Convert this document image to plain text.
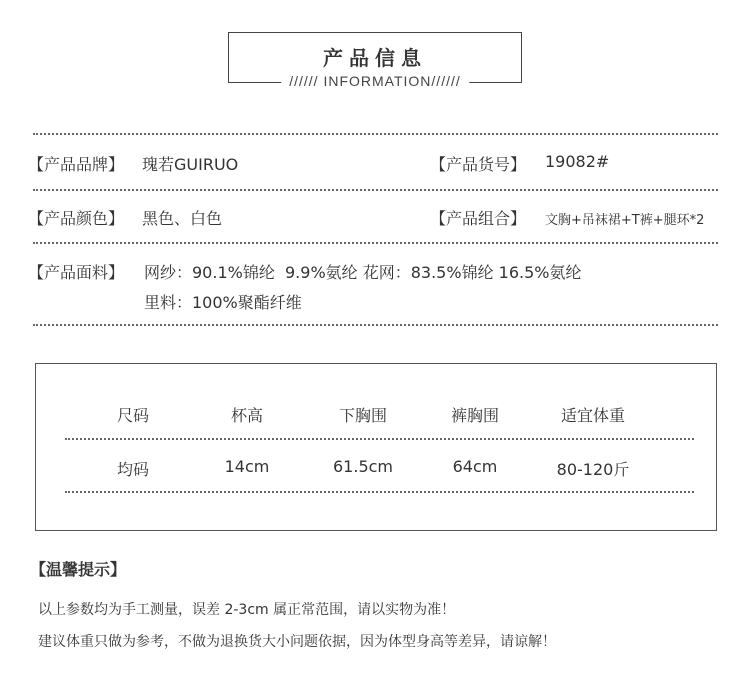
产品信息
////// INFORMATION//////
【产品品牌】 瑰若GUIRUO	【产品货号】 19082#
【产品颜色】 黑色、白色	【产品组合】 文胸+吊袜裙+T裤+腿环*2
【产品面料】 网纱：90.1%锦纶  9.9%氨纶 花网：83.5%锦纶 16.5%氨纶
里料：100%聚酯纤维
尺码	杯高	下胸围	裤胸围	适宜体重
均码	14cm	61.5cm	64cm	80-120斤
【温馨提示】
以上参数均为手工测量，误差 2-3cm 属正常范围，请以实物为准！
建议体重只做为参考，不做为退换货大小问题依据，因为体型身高等差异，请谅解！
